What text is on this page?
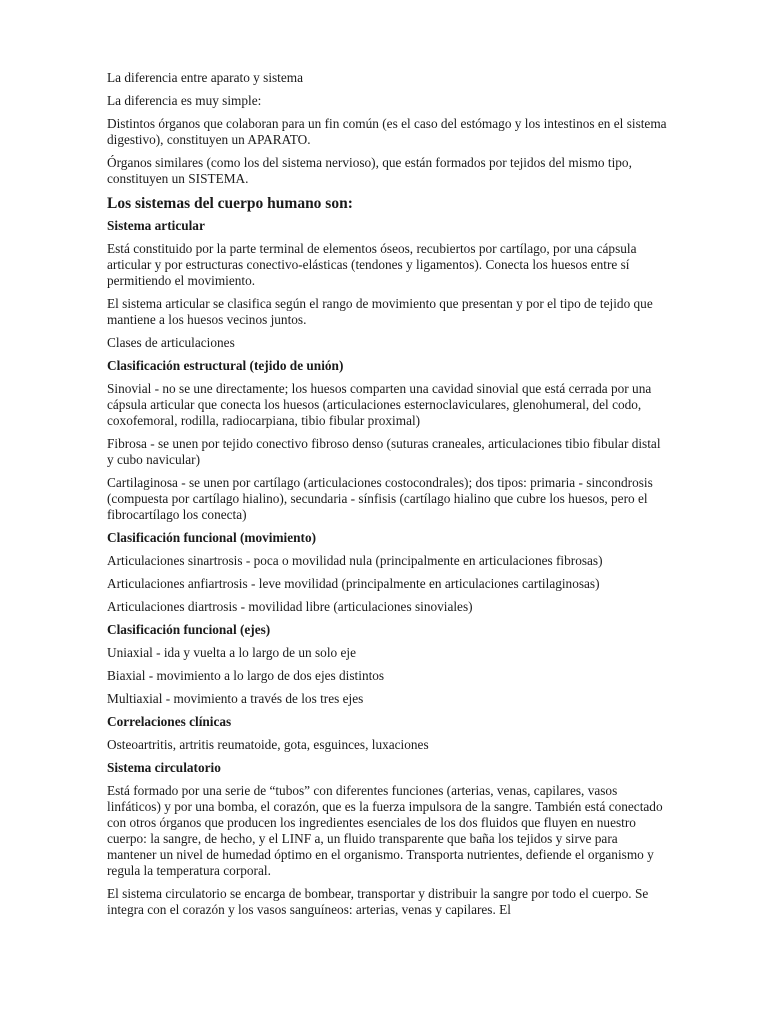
La diferencia entre aparato y sistema

La diferencia es muy simple:

Distintos órganos que colaboran para un fin común (es el caso del estómago y los intestinos en el sistema digestivo), constituyen un APARATO.

Órganos similares (como los del sistema nervioso), que están formados por tejidos del mismo tipo, constituyen un SISTEMA.

Los sistemas del cuerpo humano son:

Sistema articular

Está constituido por la parte terminal de elementos óseos, recubiertos por cartílago, por una cápsula articular y por estructuras conectivo-elásticas (tendones y ligamentos). Conecta los huesos entre sí permitiendo el movimiento.

El sistema articular se clasifica según el rango de movimiento que presentan y por el tipo de tejido que mantiene a los huesos vecinos juntos.

Clases de articulaciones

Clasificación estructural (tejido de unión)

Sinovial - no se une directamente; los huesos comparten una cavidad sinovial que está cerrada por una cápsula articular que conecta los huesos (articulaciones esternoclaviculares, glenohumeral, del codo, coxofemoral, rodilla, radiocarpiana, tibio fibular proximal)

Fibrosa - se unen por tejido conectivo fibroso denso (suturas craneales, articulaciones tibio fibular distal y cubo navicular)

Cartilaginosa - se unen por cartílago (articulaciones costocondrales); dos tipos: primaria - sincondrosis (compuesta por cartílago hialino), secundaria - sínfisis (cartílago hialino que cubre los huesos, pero el fibrocartílago los conecta)

Clasificación funcional (movimiento)

Articulaciones sinartrosis - poca o movilidad nula (principalmente en articulaciones fibrosas)

Articulaciones anfiartrosis - leve movilidad (principalmente en articulaciones cartilaginosas)

Articulaciones diartrosis - movilidad libre (articulaciones sinoviales)

Clasificación funcional (ejes)

Uniaxial - ida y vuelta a lo largo de un solo eje

Biaxial - movimiento a lo largo de dos ejes distintos

Multiaxial - movimiento a través de los tres ejes

Correlaciones clínicas

Osteoartritis, artritis reumatoide, gota, esguinces, luxaciones

Sistema circulatorio

Está formado por una serie de “tubos” con diferentes funciones (arterias, venas, capilares, vasos linfáticos) y por una bomba, el corazón, que es la fuerza impulsora de la sangre. También está conectado con otros órganos que producen los ingredientes esenciales de los dos fluidos que fluyen en nuestro cuerpo: la sangre, de hecho, y el LINF a, un fluido transparente que baña los tejidos y sirve para mantener un nivel de humedad óptimo en el organismo. Transporta nutrientes, defiende el organismo y regula la temperatura corporal.

El sistema circulatorio se encarga de bombear, transportar y distribuir la sangre por todo el cuerpo. Se integra con el corazón y los vasos sanguíneos: arterias, venas y capilares. El
